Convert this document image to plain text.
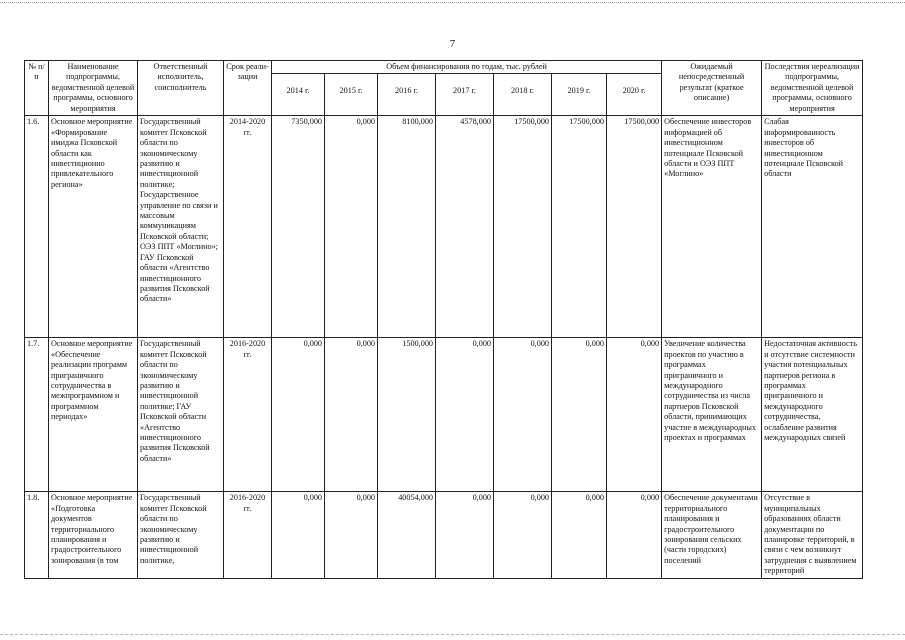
7
№ п/п	Наименование подпрограммы, ведомственной целевой программы, основного мероприятия	Ответственный исполнитель, соисполнитель	Срок реали-зации	Объем финансирования по годам, тыс. рублей							Ожидаемый непосредственный результат (краткое описание)	Последствия нереализации подпрограммы, ведомственной целевой программы, основного мероприятия
				2014 г.	2015 г.	2016 г.	2017 г.	2018 г.	2019 г.	2020 г.		
1.6.	Основное мероприятие «Формирование имиджа Псковской области как инвестиционно привлекательного региона»	Государственный комитет Псковской области по экономическому развитию и инвестиционной политике; Государственное управление по связи и массовым коммуникациям Псковской области; ОЭЗ ППТ «Моглино»; ГАУ Псковской области «Агентство инвестиционного развития Псковской области»	2014-2020 гг.	7350,000	0,000	8100,000	4578,000	17500,000	17500,000	17500,000	Обеспечение инвесторов информацией об инвестиционном потенциале Псковской области и ОЭЗ ППТ «Моглино»	Слабая информированность инвесторов об инвестиционном потенциале Псковской области
1.7.	Основное мероприятие «Обеспечение реализации программ приграничного сотрудничества в межпрограммном и программном периодах»	Государственный комитет Псковской области по экономическому развитию и инвестиционной политике; ГАУ Псковской области «Агентство инвестиционного развития Псковской области»	2016-2020 гг.	0,000	0,000	1500,000	0,000	0,000	0,000	0,000	Увеличение количества проектов по участию в программах приграничного и международного сотрудничества из числа партнеров Псковской области, принимающих участие в международных проектах и программах	Недостаточная активность и отсутствие системности участия потенциальных партнеров региона в программах приграничного и международного сотрудничества, ослабление развития международных связей
1.8.	Основное мероприятие «Подготовка документов территориального планирования и градостроительного зонирования (в том	Государственный комитет Псковской области по экономическому развитию и инвестиционной политике,	2016-2020 гг.	0,000	0,000	40054,000	0,000	0,000	0,000	0,000	Обеспечение документами территориального планирования и градостроительного зонирования сельских (части городских) поселений	Отсутствие в муниципальных образованиях области документации по планировке территорий, в связи с чем возникнут затруднения с выявлением территорий
